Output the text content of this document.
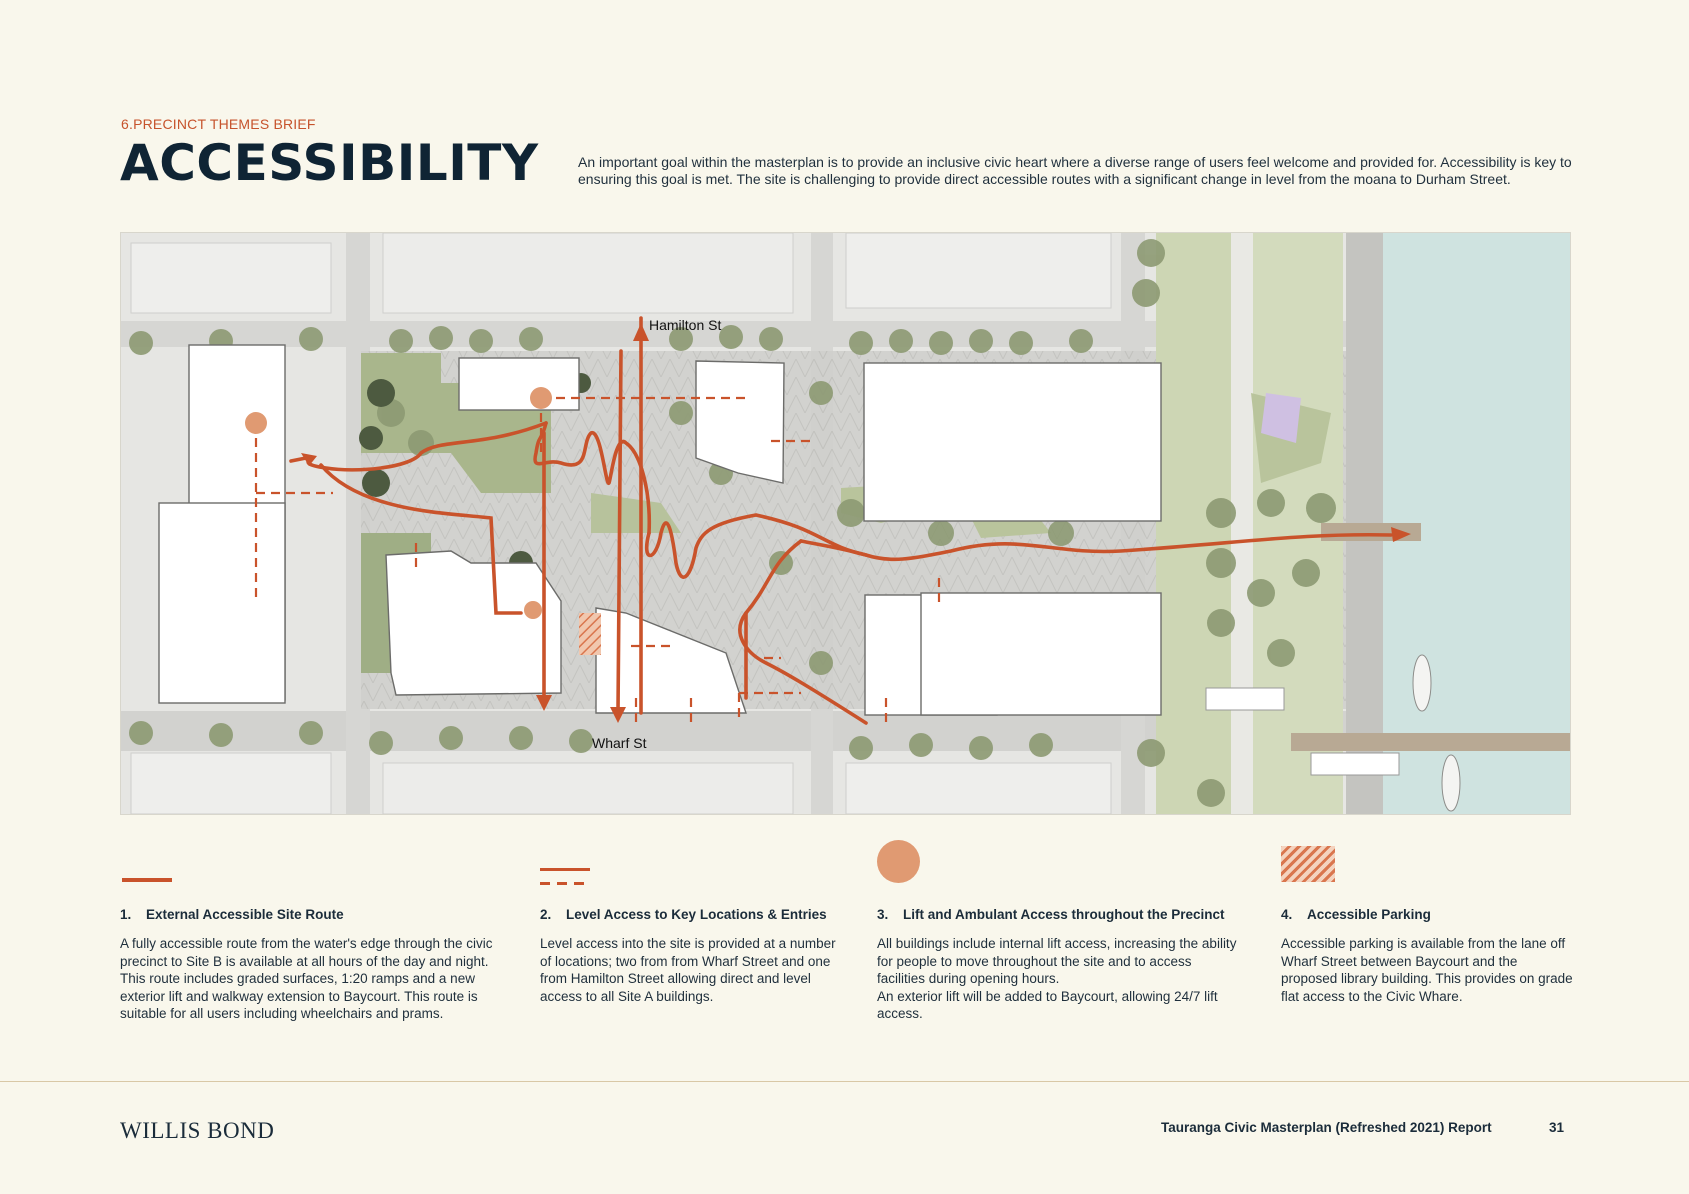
6.PRECINCT THEMES BRIEF
ACCESSIBILITY	An important goal within the masterplan is to provide an inclusive civic heart where a diverse range of users feel welcome and provided for. Accessibility is key to ensuring this goal is met. The site is challenging to provide direct accessible routes with a significant change in level from the moana to Durham Street.
Hamilton St
Wharf St
1. External Accessible Site Route
A fully accessible route from the water's edge through the civic precinct to Site B is available at all hours of the day and night. This route includes graded surfaces, 1:20 ramps and a new exterior lift and walkway extension to Baycourt. This route is suitable for all users including wheelchairs and prams.
2. Level Access to Key Locations & Entries
Level access into the site is provided at a number of locations; two from from Wharf Street and one from Hamilton Street allowing direct and level access to all Site A buildings.
3. Lift and Ambulant Access throughout the Precinct
All buildings include internal lift access, increasing the ability for people to move throughout the site and to access facilities during opening hours.
An exterior lift will be added to Baycourt, allowing 24/7 lift access.
4. Accessible Parking
Accessible parking is available from the lane off Wharf Street between Baycourt and the proposed library building. This provides on grade flat access to the Civic Whare.
WILLIS BOND	Tauranga Civic Masterplan (Refreshed 2021) Report	31
